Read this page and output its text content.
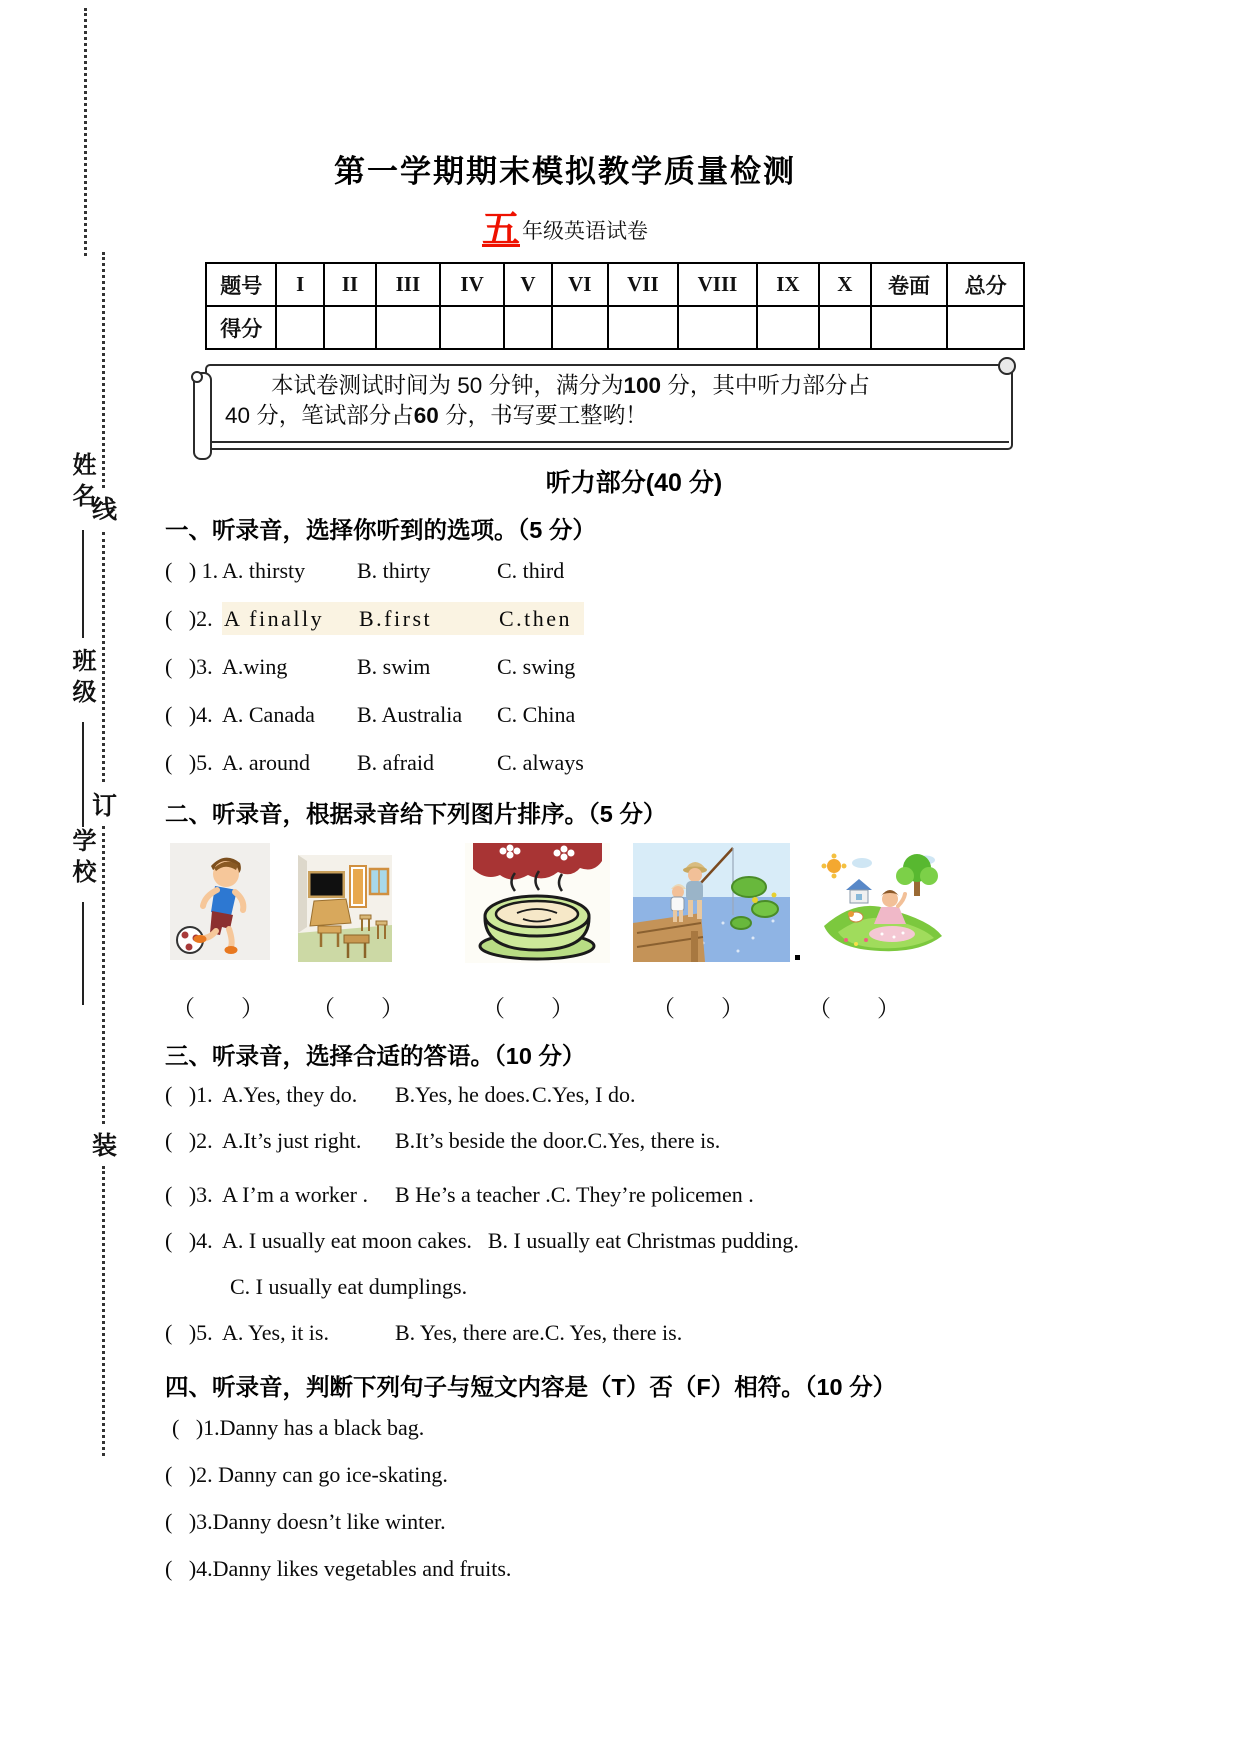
姓名
班级
学校
线
订
装
第一学期期末模拟教学质量检测
五年级英语试卷
题号	I	II	III	IV	V	VI	VII	VIII	IX	X	卷面	总分
得分												
本试卷测试时间为 50 分钟，满分为100 分，其中听力部分占
40 分，笔试部分占60 分，书写要工整哟！
听力部分(40 分)
一、听录音，选择你听到的选项。（5 分）
(   ) 1. A. thirsty B. thirty	C. third
(   )2. A finally B.first	C.then
(   )3. A.wing	B. swim	C. swing
(   )4. A. Canada B. Australia C. China
(   )5. A. around B. afraid	C. always
二、听录音，根据录音给下列图片排序。（5 分）
（　　） （　　）	（　　）	（　　）	（　　）
三、听录音，选择合适的答语。（10 分）
(   )1. A.Yes, they do. B.Yes, he does.C.Yes, I do.
(   )2. A.It’s just right. B.It’s beside the door.C.Yes, there is.
(   )3. A I’m a worker . B He’s a teacher .C. They’re policemen .
(   )4. A. I usually eat moon cakes. B. I usually eat Christmas pudding.
C. I usually eat dumplings.
(   )5. A. Yes, it is.	B. Yes, there are.C. Yes, there is.
四、听录音，判断下列句子与短文内容是（T）否（F）相符。（10 分）
(   )1.Danny has a black bag.
(   )2. Danny can go ice-skating.
(   )3.Danny doesn’t like winter.
(   )4.Danny likes vegetables and fruits.
